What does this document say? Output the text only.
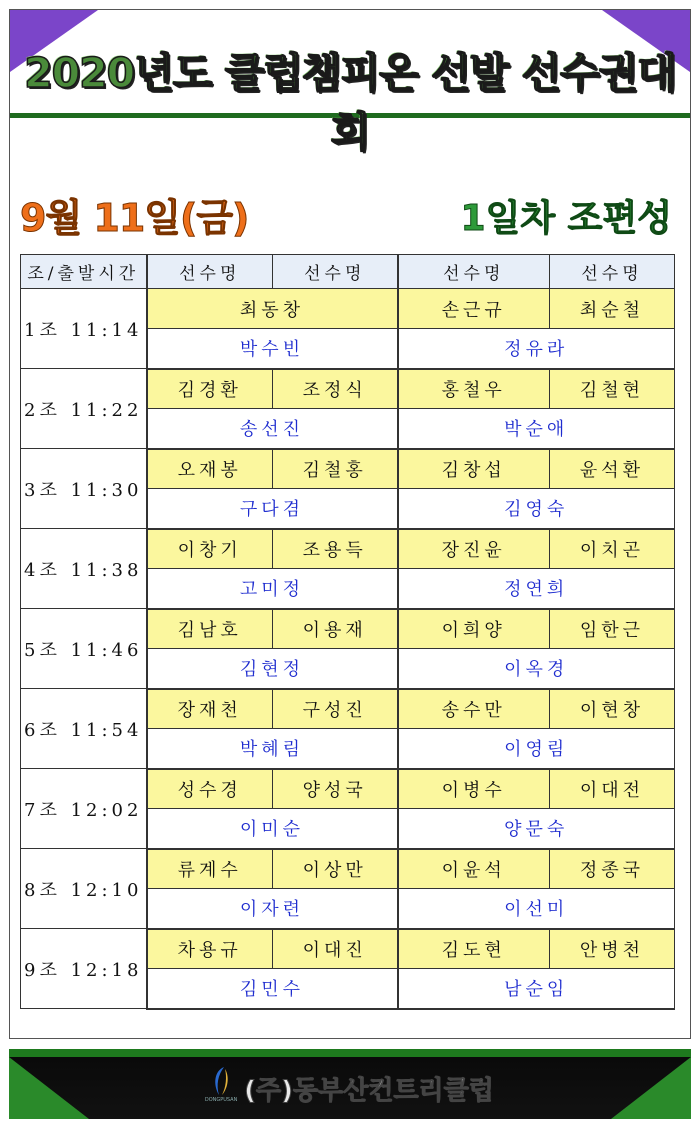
2020년도 클럽챔피온 선발 선수권대회
9월 11일(금)	1일차 조편성
조/출발시간	선수명	선수명	선수명	선수명
1조 11:14	최동창		손근규	최순철
	박수빈		정유라	
2조 11:22	김경환	조정식	홍철우	김철현
	송선진		박순애	
3조 11:30	오재봉	김철홍	김창섭	윤석환
	구다겸		김영숙	
4조 11:38	이창기	조용득	장진윤	이치곤
	고미정		정연희	
5조 11:46	김남호	이용재	이희양	임한근
	김현정		이옥경	
6조 11:54	장재천	구성진	송수만	이현창
	박혜림		이영림	
7조 12:02	성수경	양성국	이병수	이대전
	이미순		양문숙	
8조 12:10	류계수	이상만	이윤석	정종국
	이자련		이선미	
9조 12:18	차용규	이대진	김도현	안병천
	김민수		남순임	
DONGPUSAN (주)동부산컨트리클럽
